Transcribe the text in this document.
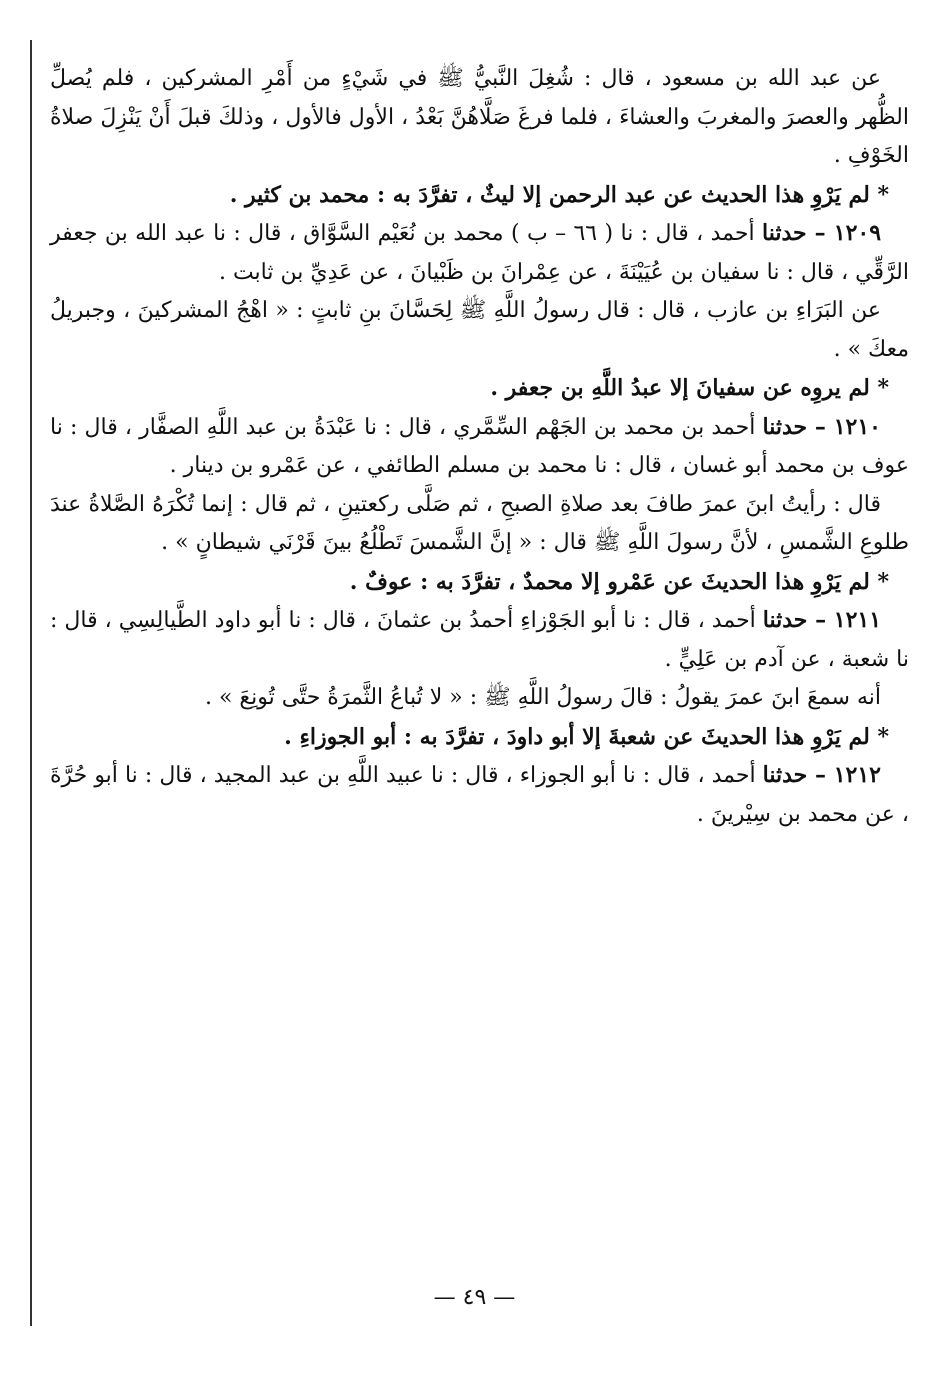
عن عبد الله بن مسعود ، قال : شُغِلَ النَّبيُّ ﷺ في شَيْءٍ من أَمْرِ المشركين ، فلم يُصلِّ الظُّهر والعصرَ والمغربَ والعشاءَ ، فلما فرغَ صَلَّاهُنَّ بَعْدُ ، الأول فالأول ، وذلكَ قبلَ أَنْ يَنْزِلَ صلاةُ الخَوْفِ .

* لم يَرْوِ هذا الحديث عن عبد الرحمن إلا ليثٌ ، تفرَّدَ به : محمد بن كثير .

١٢٠٩ – حدثنا أحمد ، قال : نا ( ٦٦ – ب ) محمد بن نُعَيْم السَّوَّاق ، قال : نا عبد الله بن جعفر الرَّقِّي ، قال : نا سفيان بن عُيَيْنَةَ ، عن عِمْرانَ بن ظَبْيانَ ، عن عَدِيِّ بن ثابت .

عن البَرَاءِ بن عازب ، قال : قال رسولُ اللَّهِ ﷺ لِحَسَّانَ بنِ ثابتٍ : « اهْجُ المشركينَ ، وجبريلُ معكَ » .

* لم يروِه عن سفيانَ إلا عبدُ اللَّهِ بن جعفر .

١٢١٠ – حدثنا أحمد بن محمد بن الجَهْم السِّمَّري ، قال : نا عَبْدَةُ بن عبد اللَّهِ الصفَّار ، قال : نا عوف بن محمد أبو غسان ، قال : نا محمد بن مسلم الطائفي ، عن عَمْرو بن دينار .

قال : رأيتُ ابنَ عمرَ طافَ بعد صلاةِ الصبحِ ، ثم صَلَّى ركعتينِ ، ثم قال : إنما تُكْرَهُ الصَّلاةُ عندَ طلوعِ الشَّمسِ ، لأنَّ رسولَ اللَّهِ ﷺ قال : « إنَّ الشَّمسَ تَطْلُعُ بينَ قَرْنَي شيطانٍ » .

* لم يَرْوِ هذا الحديثَ عن عَمْرو إلا محمدٌ ، تفرَّدَ به : عوفٌ .

١٢١١ – حدثنا أحمد ، قال : نا أبو الجَوْزاءِ أحمدُ بن عثمانَ ، قال : نا أبو داود الطَّيالِسِي ، قال : نا شعبة ، عن آدم بن عَلِيٍّ .

أنه سمعَ ابنَ عمرَ يقولُ : قالَ رسولُ اللَّهِ ﷺ : « لا تُباعُ الثَّمرَةُ حتَّى تُونِعَ » .

* لم يَرْوِ هذا الحديثَ عن شعبةَ إلا أبو داودَ ، تفرَّدَ به : أبو الجوزاءِ .

١٢١٢ – حدثنا أحمد ، قال : نا أبو الجوزاء ، قال : نا عبيد اللَّهِ بن عبد المجيد ، قال : نا أبو حُرَّةَ ، عن محمد بن سِيْرينَ .

— ٤٩ —
